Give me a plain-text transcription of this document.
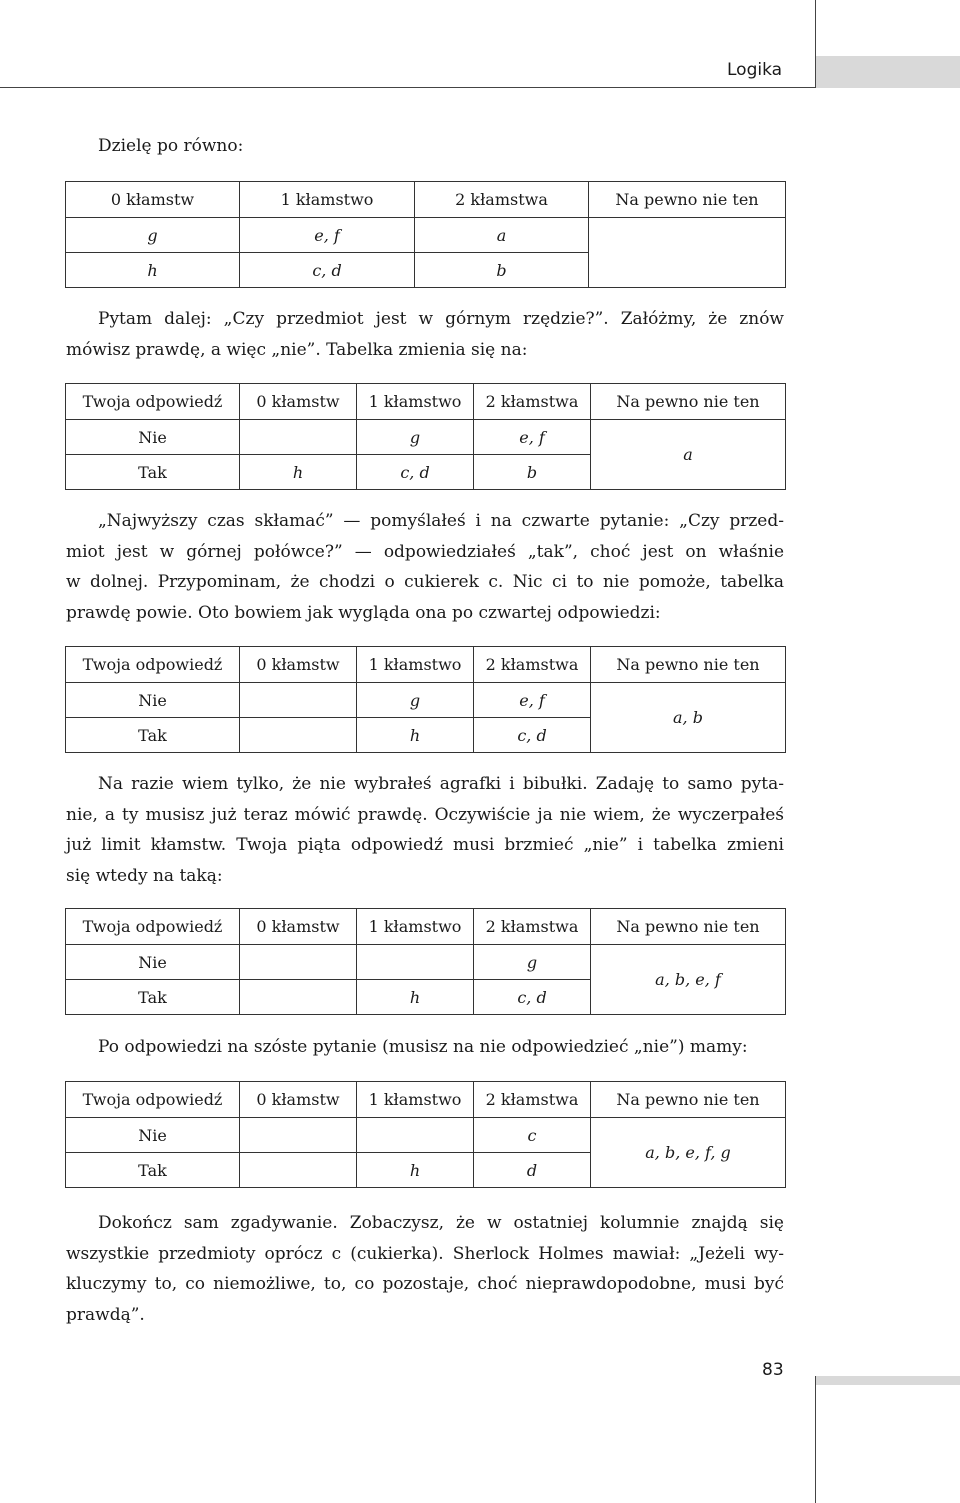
Logika
Dzielę po równo:
0 kłamstw	1 kłamstwo	2 kłamstwa	Na pewno nie ten
g	e, f	a	
h	c, d	b	
Pytam dalej: „Czy przedmiot jest w górnym rzędzie?”. Załóżmy, że znów
mówisz prawdę, a więc „nie”. Tabelka zmienia się na:
Twoja odpowiedź	0 kłamstw	1 kłamstwo	2 kłamstwa	Na pewno nie ten
Nie		g	e, f	a
Tak	h	c, d	b	
„Najwyższy czas skłamać” — pomyślałeś i na czwarte pytanie: „Czy przed-
miot jest w górnej połówce?” — odpowiedziałeś „tak”, choć jest on właśnie
w dolnej. Przypominam, że chodzi o cukierek c. Nic ci to nie pomoże, tabelka
prawdę powie. Oto bowiem jak wygląda ona po czwartej odpowiedzi:
Twoja odpowiedź	0 kłamstw	1 kłamstwo	2 kłamstwa	Na pewno nie ten
Nie		g	e, f	a, b
Tak		h	c, d	
Na razie wiem tylko, że nie wybrałeś agrafki i bibułki. Zadaję to samo pyta-
nie, a ty musisz już teraz mówić prawdę. Oczywiście ja nie wiem, że wyczerpałeś
już limit kłamstw. Twoja piąta odpowiedź musi brzmieć „nie” i tabelka zmieni
się wtedy na taką:
Twoja odpowiedź	0 kłamstw	1 kłamstwo	2 kłamstwa	Na pewno nie ten
Nie			g	a, b, e, f
Tak		h	c, d	
Po odpowiedzi na szóste pytanie (musisz na nie odpowiedzieć „nie”) mamy:
Twoja odpowiedź	0 kłamstw	1 kłamstwo	2 kłamstwa	Na pewno nie ten
Nie			c	a, b, e, f, g
Tak		h	d	
Dokończ sam zgadywanie. Zobaczysz, że w ostatniej kolumnie znajdą się
wszystkie przedmioty oprócz c (cukierka). Sherlock Holmes mawiał: „Jeżeli wy-
kluczymy to, co niemożliwe, to, co pozostaje, choć nieprawdopodobne, musi być
prawdą”.
83
